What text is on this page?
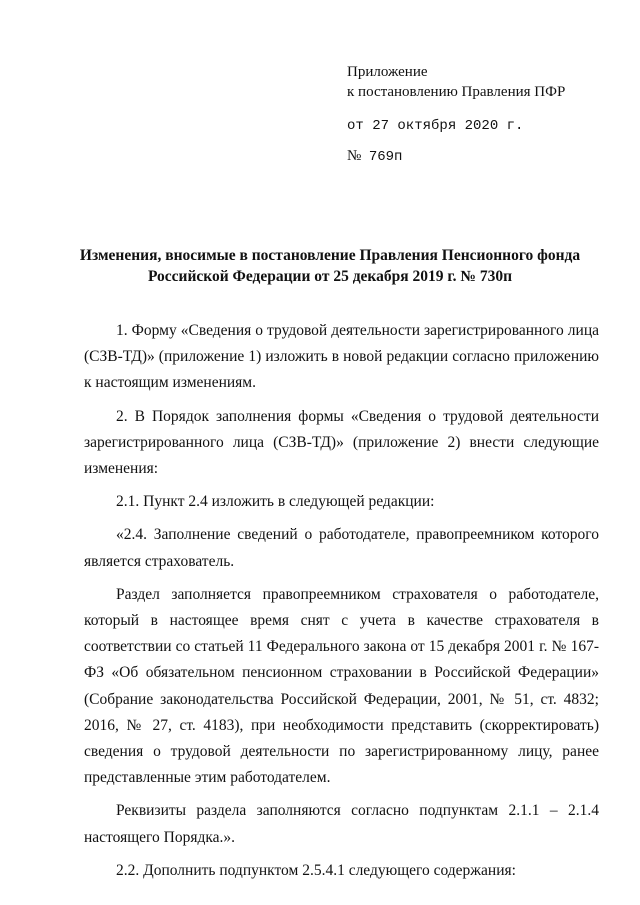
Приложение
к постановлению Правления ПФР
от 27 октября 2020 г.
№ 769п
Изменения, вносимые в постановление Правления Пенсионного фонда
Российской Федерации от 25 декабря 2019 г. № 730п

1. Форму «Сведения о трудовой деятельности зарегистрированного лица (СЗВ-ТД)» (приложение 1) изложить в новой редакции согласно приложению к настоящим изменениям.

2. В Порядок заполнения формы «Сведения о трудовой деятельности зарегистрированного лица (СЗВ-ТД)» (приложение 2) внести следующие изменения:

2.1. Пункт 2.4 изложить в следующей редакции:

«2.4. Заполнение сведений о работодателе, правопреемником которого является страхователь.

Раздел заполняется правопреемником страхователя о работодателе, который в настоящее время снят с учета в качестве страхователя в соответствии со статьей 11 Федерального закона от 15 декабря 2001 г. № 167-ФЗ «Об обязательном пенсионном страховании в Российской Федерации» (Собрание законодательства Российской Федерации, 2001, № 51, ст. 4832; 2016, № 27, ст. 4183), при необходимости представить (скорректировать) сведения о трудовой деятельности по зарегистрированному лицу, ранее представленные этим работодателем.

Реквизиты раздела заполняются согласно подпунктам 2.1.1 – 2.1.4 настоящего Порядка.».

2.2. Дополнить подпунктом 2.5.4.1 следующего содержания:
